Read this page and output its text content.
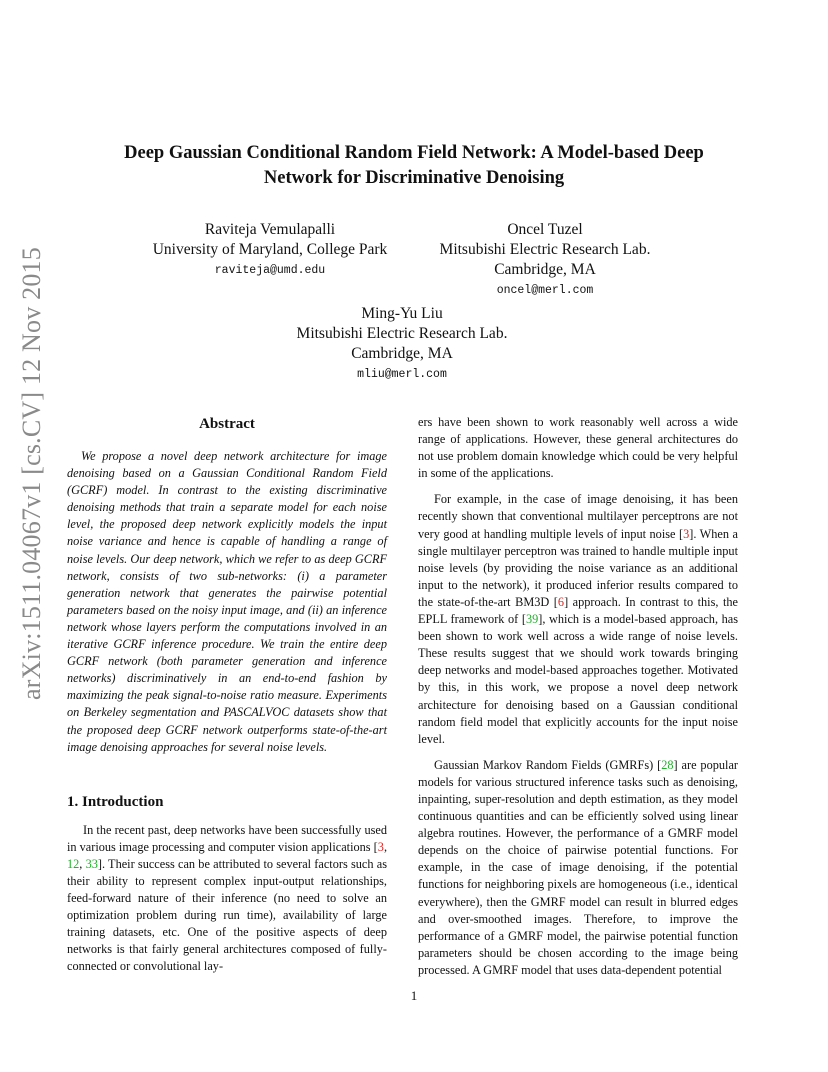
arXiv:1511.04067v1 [cs.CV] 12 Nov 2015
Deep Gaussian Conditional Random Field Network: A Model-based Deep
Network for Discriminative Denoising
Raviteja Vemulapalli
University of Maryland, College Park
raviteja@umd.edu
Oncel Tuzel
Mitsubishi Electric Research Lab.
Cambridge, MA
oncel@merl.com
Ming-Yu Liu
Mitsubishi Electric Research Lab.
Cambridge, MA
mliu@merl.com
Abstract

We propose a novel deep network architecture for image denoising based on a Gaussian Conditional Random Field (GCRF) model. In contrast to the existing discriminative denoising methods that train a separate model for each noise level, the proposed deep network explicitly models the input noise variance and hence is capable of handling a range of noise levels. Our deep network, which we refer to as deep GCRF network, consists of two sub-networks: (i) a parameter generation network that generates the pairwise potential parameters based on the noisy input image, and (ii) an inference network whose layers perform the computations involved in an iterative GCRF inference procedure. We train the entire deep GCRF network (both parameter generation and inference networks) discriminatively in an end-to-end fashion by maximizing the peak signal-to-noise ratio measure. Experiments on Berkeley segmentation and PASCALVOC datasets show that the proposed deep GCRF network outperforms state-of-the-art image denoising approaches for several noise levels.

1. Introduction

In the recent past, deep networks have been successfully used in various image processing and computer vision applications [3, 12, 33]. Their success can be attributed to several factors such as their ability to represent complex input-output relationships, feed-forward nature of their inference (no need to solve an optimization problem during run time), availability of large training datasets, etc. One of the positive aspects of deep networks is that fairly general architectures composed of fully-connected or convolutional lay-

ers have been shown to work reasonably well across a wide range of applications. However, these general architectures do not use problem domain knowledge which could be very helpful in some of the applications.

For example, in the case of image denoising, it has been recently shown that conventional multilayer perceptrons are not very good at handling multiple levels of input noise [3]. When a single multilayer perceptron was trained to handle multiple input noise levels (by providing the noise variance as an additional input to the network), it produced inferior results compared to the state-of-the-art BM3D [6] approach. In contrast to this, the EPLL framework of [39], which is a model-based approach, has been shown to work well across a wide range of noise levels. These results suggest that we should work towards bringing deep networks and model-based approaches together. Motivated by this, in this work, we propose a novel deep network architecture for denoising based on a Gaussian conditional random field model that explicitly accounts for the input noise level.

Gaussian Markov Random Fields (GMRFs) [28] are popular models for various structured inference tasks such as denoising, inpainting, super-resolution and depth estimation, as they model continuous quantities and can be efficiently solved using linear algebra routines. However, the performance of a GMRF model depends on the choice of pairwise potential functions. For example, in the case of image denoising, if the potential functions for neighboring pixels are homogeneous (i.e., identical everywhere), then the GMRF model can result in blurred edges and over-smoothed images. Therefore, to improve the performance of a GMRF model, the pairwise potential function parameters should be chosen according to the image being processed. A GMRF model that uses data-dependent potential

1
